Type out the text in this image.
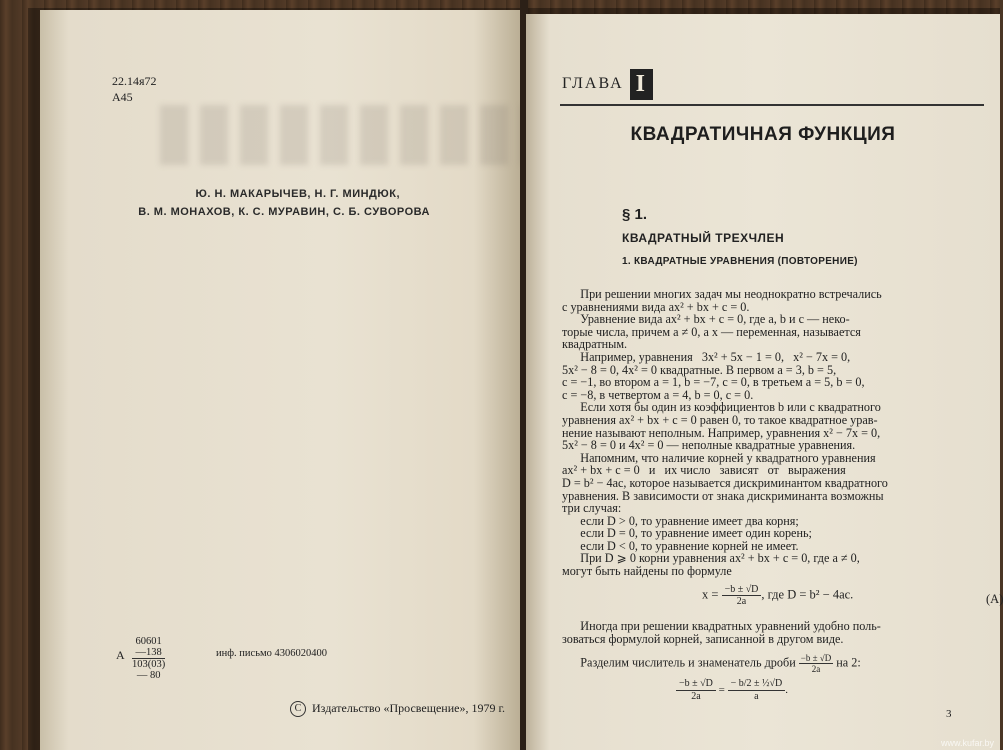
22.14я72
А45
Ю. Н. МАКАРЫЧЕВ, Н. Г. МИНДЮК,
В. М. МОНАХОВ, К. С. МУРАВИН, С. Б. СУВОРОВА
А $\frac{60601—138}{103(03) — 80}$	инф. письмо 4306020400
C Издательство «Просвещение», 1979 г.
ГЛАВА I
КВАДРАТИЧНАЯ ФУНКЦИЯ
§ 1.
КВАДРАТНЫЙ ТРЕХЧЛЕН
1. КВАДРАТНЫЕ УРАВНЕНИЯ (ПОВТОРЕНИЕ)
При решении многих задач мы неоднократно встречались
с уравнениями вида ax² + bx + c = 0.
Уравнение вида ax² + bx + c = 0, где a, b и c — неко-
торые числа, причем a ≠ 0, а x — переменная, называется
квадратным.
Например, уравнения   3x² + 5x − 1 = 0,   x² − 7x = 0,
5x² − 8 = 0, 4x² = 0 квадратные. В первом a = 3, b = 5,
c = −1, во втором a = 1, b = −7, c = 0, в третьем a = 5, b = 0,
c = −8, в четвертом a = 4, b = 0, c = 0.
Если хотя бы один из коэффициентов b или c квадратного
уравнения ax² + bx + c = 0 равен 0, то такое квадратное урав-
нение называют неполным. Например, уравнения x² − 7x = 0,
5x² − 8 = 0 и 4x² = 0 — неполные квадратные уравнения.
Напомним, что наличие корней у квадратного уравнения
ax² + bx + c = 0   и   их число   зависят   от   выражения
D = b² − 4ac, которое называется дискриминантом квадратного
уравнения. В зависимости от знака дискриминанта возможны
три случая:
если D > 0, то уравнение имеет два корня;
если D = 0, то уравнение имеет один корень;
если D < 0, то уравнение корней не имеет.
При D ⩾ 0 корни уравнения ax² + bx + c = 0, где a ≠ 0,
могут быть найдены по формуле
$x = \frac{-b \pm √D}{2a}$ , где D = b² − 4ac.	(A)
Иногда при решении квадратных уравнений удобно поль-
зоваться формулой корней, записанной в другом виде.
Разделим числитель и знаменатель дроби $\frac{-b \pm √D}{2a}$ на 2:
$\frac{-b \pm √D}{2a} = \frac{\text{− b/2 ± ½√D}}{a}$ .
3
www.kufar.by
